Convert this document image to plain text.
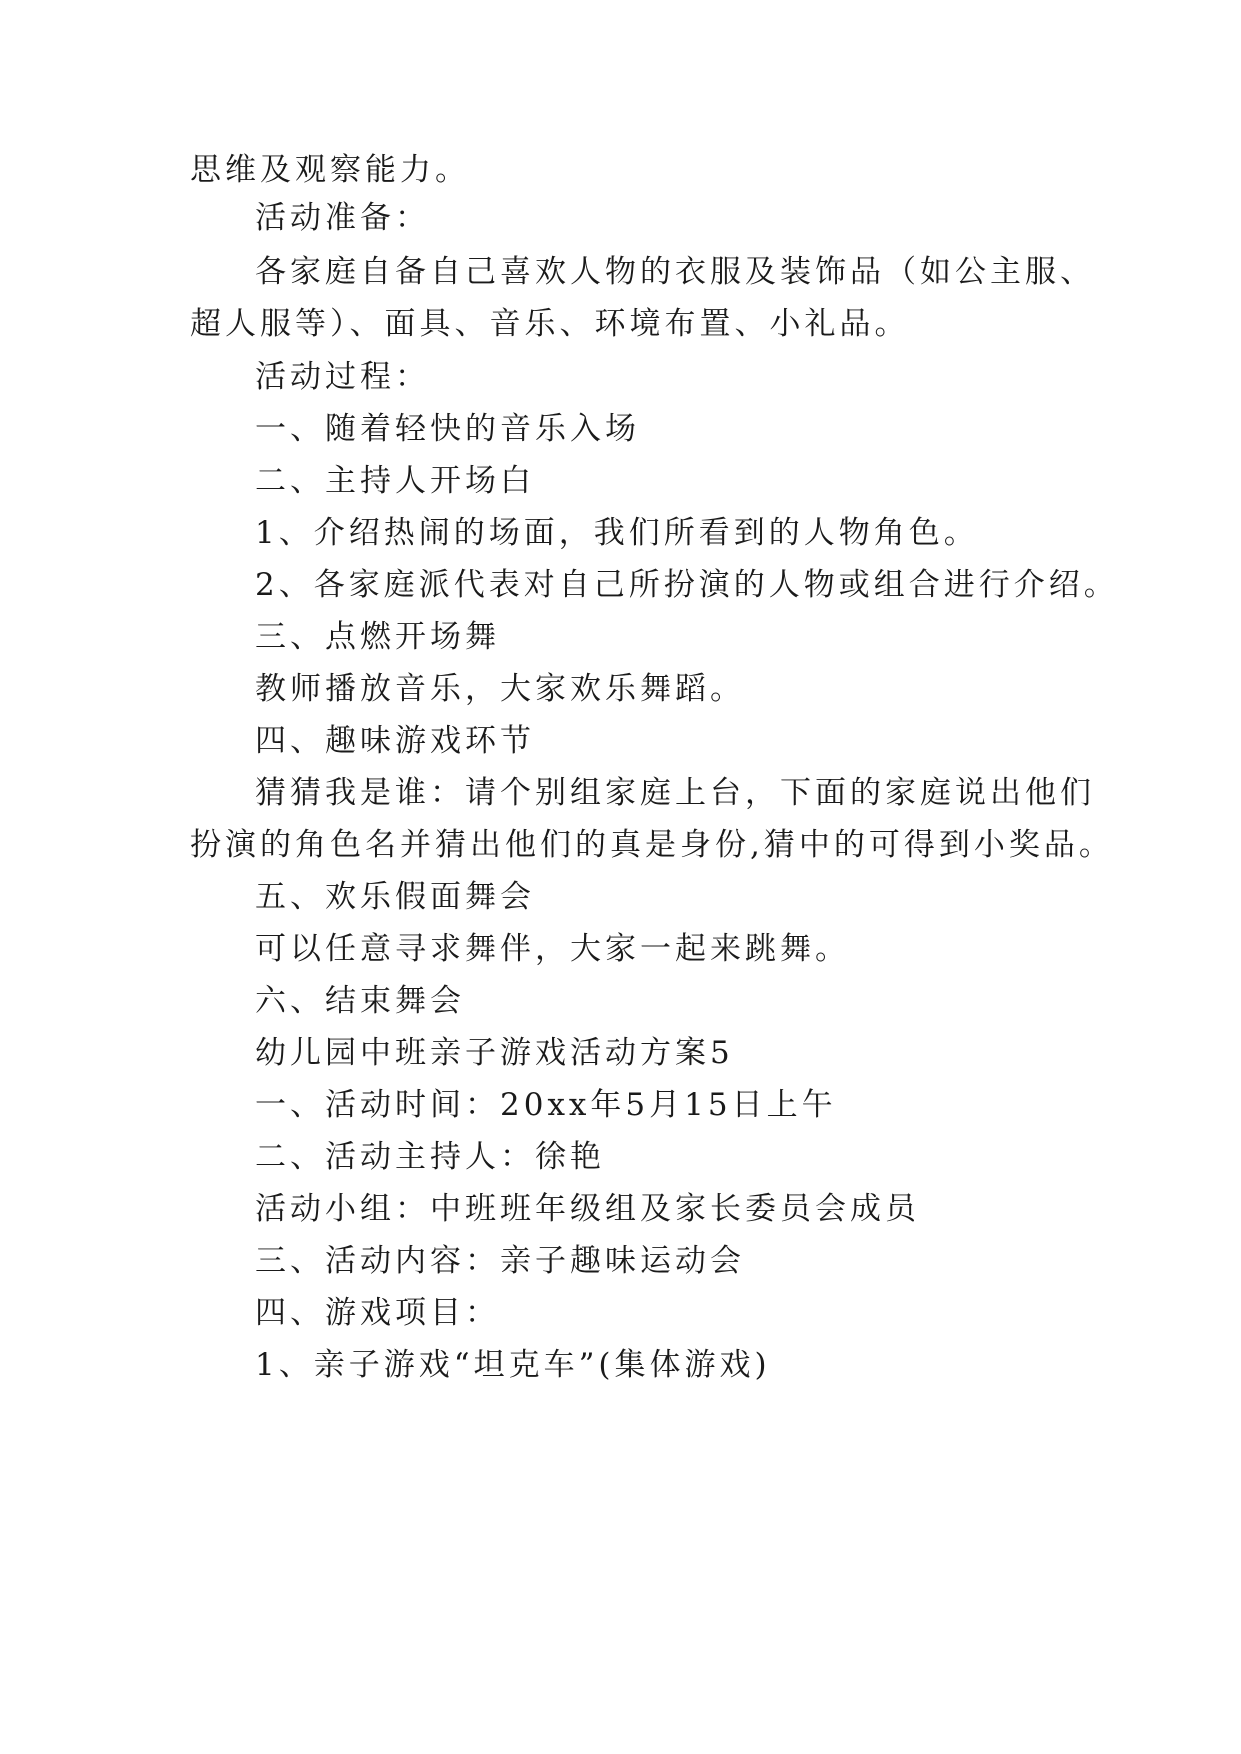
思维及观察能力。
活动准备：
各家庭自备自己喜欢人物的衣服及装饰品（如公主服、
超人服等）、面具、音乐、环境布置、小礼品。
活动过程：
一、随着轻快的音乐入场
二、主持人开场白
1、介绍热闹的场面，我们所看到的人物角色。
2、各家庭派代表对自己所扮演的人物或组合进行介绍。
三、点燃开场舞
教师播放音乐，大家欢乐舞蹈。
四、趣味游戏环节
猜猜我是谁：请个别组家庭上台，下面的家庭说出他们
扮演的角色名并猜出他们的真是身份,猜中的可得到小奖品。
五、欢乐假面舞会
可以任意寻求舞伴，大家一起来跳舞。
六、结束舞会
幼儿园中班亲子游戏活动方案5
一、活动时间：20xx年5月15日上午
二、活动主持人：徐艳
活动小组：中班班年级组及家长委员会成员
三、活动内容：亲子趣味运动会
四、游戏项目：
1、亲子游戏“坦克车”(集体游戏)
